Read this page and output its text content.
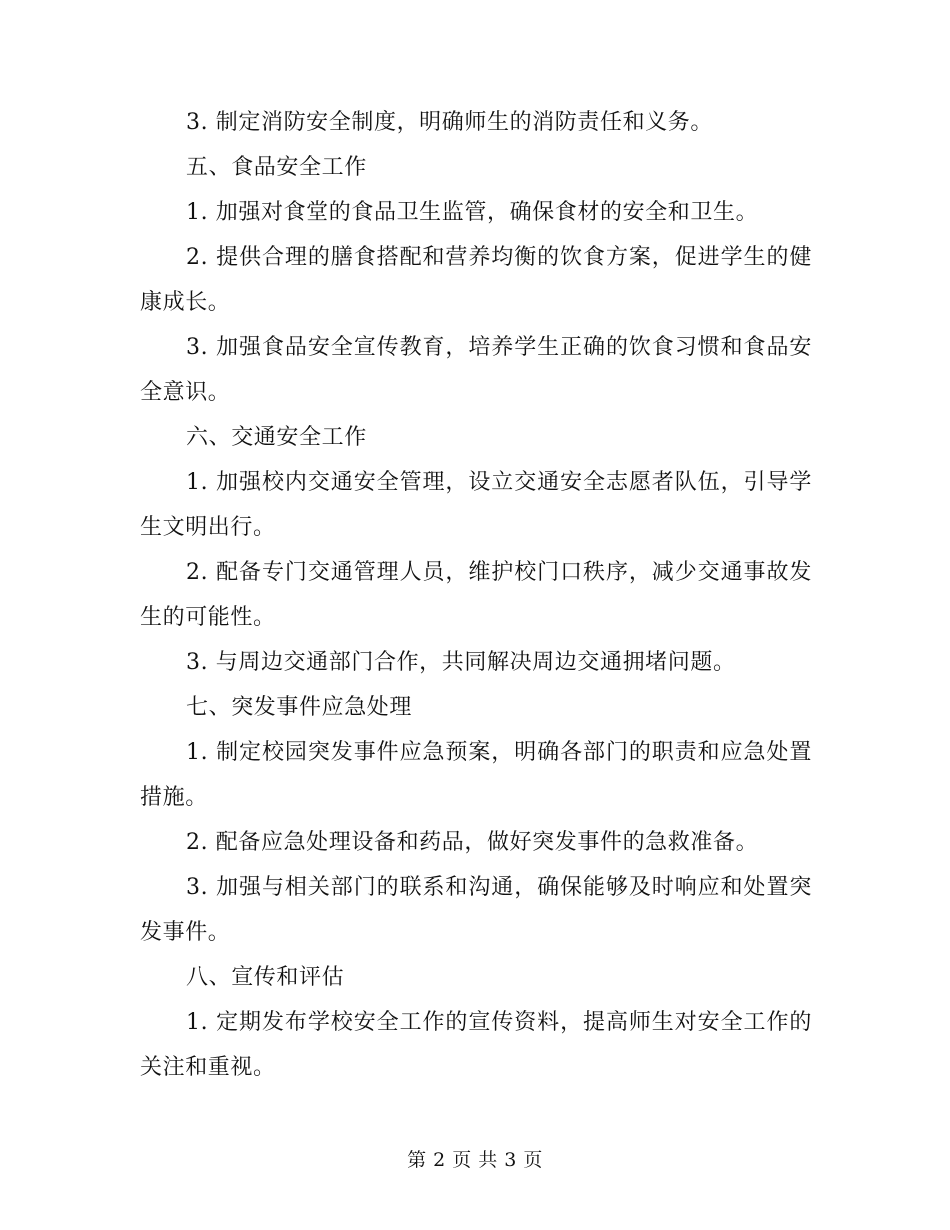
3. 制定消防安全制度，明确师生的消防责任和义务。

五、食品安全工作

1. 加强对食堂的食品卫生监管，确保食材的安全和卫生。

2. 提供合理的膳食搭配和营养均衡的饮食方案，促进学生的健康成长。

3. 加强食品安全宣传教育，培养学生正确的饮食习惯和食品安全意识。

六、交通安全工作

1. 加强校内交通安全管理，设立交通安全志愿者队伍，引导学生文明出行。

2. 配备专门交通管理人员，维护校门口秩序，减少交通事故发生的可能性。

3. 与周边交通部门合作，共同解决周边交通拥堵问题。

七、突发事件应急处理

1. 制定校园突发事件应急预案，明确各部门的职责和应急处置措施。

2. 配备应急处理设备和药品，做好突发事件的急救准备。

3. 加强与相关部门的联系和沟通，确保能够及时响应和处置突发事件。

八、宣传和评估

1. 定期发布学校安全工作的宣传资料，提高师生对安全工作的关注和重视。

第 2 页 共 3 页
